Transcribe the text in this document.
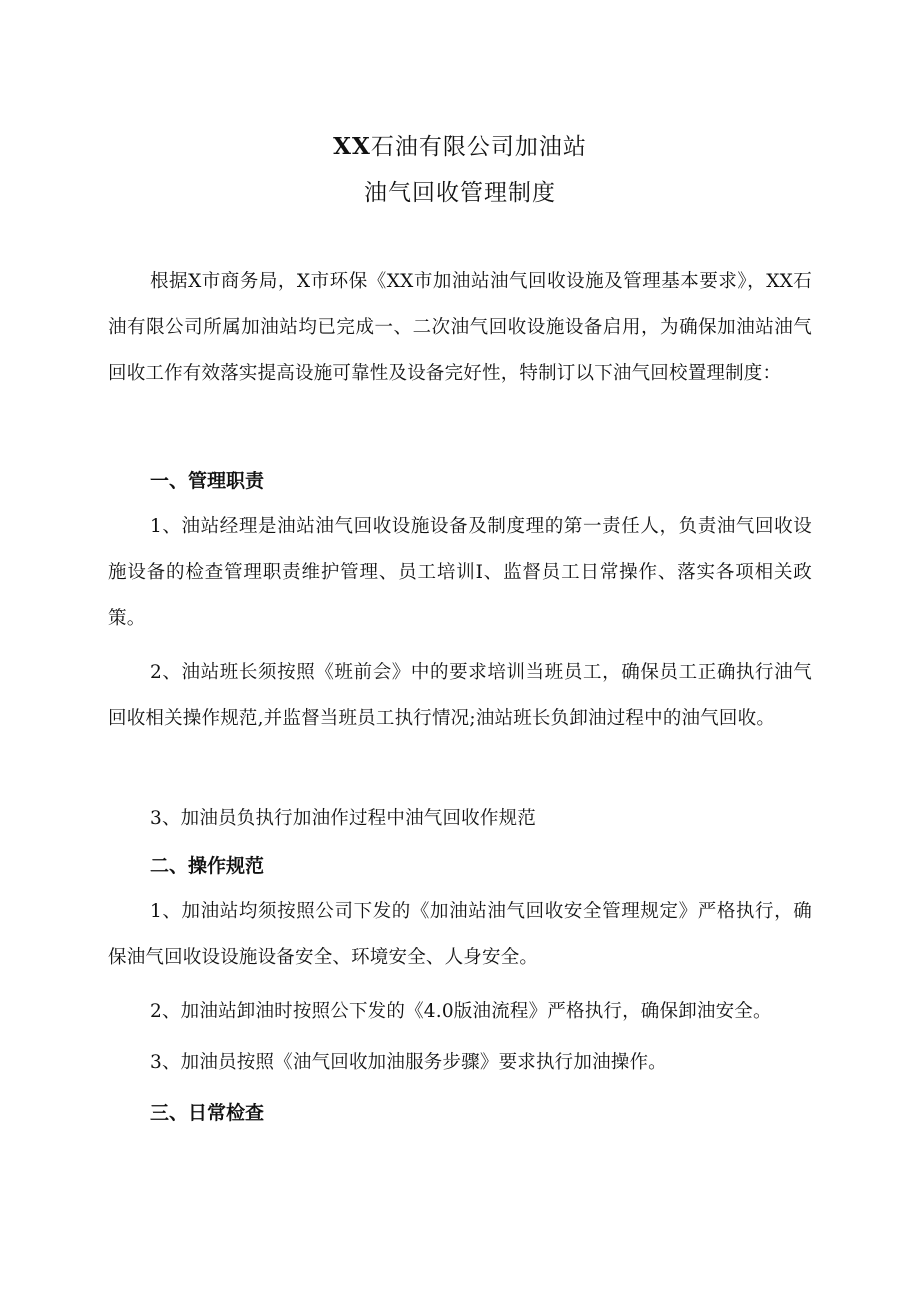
XX石油有限公司加油站
油气回收管理制度

根据X市商务局，X市环保《XX市加油站油气回收设施及管理基本要求》，XX石油有限公司所属加油站均已完成一、二次油气回收设施设备启用，为确保加油站油气回收工作有效落实提高设施可靠性及设备完好性，特制订以下油气回校置理制度：

一、管理职责

1、油站经理是油站油气回收设施设备及制度理的第一责任人，负责油气回收设施设备的检查管理职责维护管理、员工培训I、监督员工日常操作、落实各项相关政策。

2、油站班长须按照《班前会》中的要求培训当班员工，确保员工正确执行油气回收相关操作规范,并监督当班员工执行情况;油站班长负卸油过程中的油气回收。

3、加油员负执行加油作过程中油气回收作规范

二、操作规范

1、加油站均须按照公司下发的《加油站油气回收安全管理规定》严格执行，确保油气回收设设施设备安全、环境安全、人身安全。

2、加油站卸油时按照公下发的《4.0版油流程》严格执行，确保卸油安全。

3、加油员按照《油气回收加油服务步骤》要求执行加油操作。

三、日常检查
